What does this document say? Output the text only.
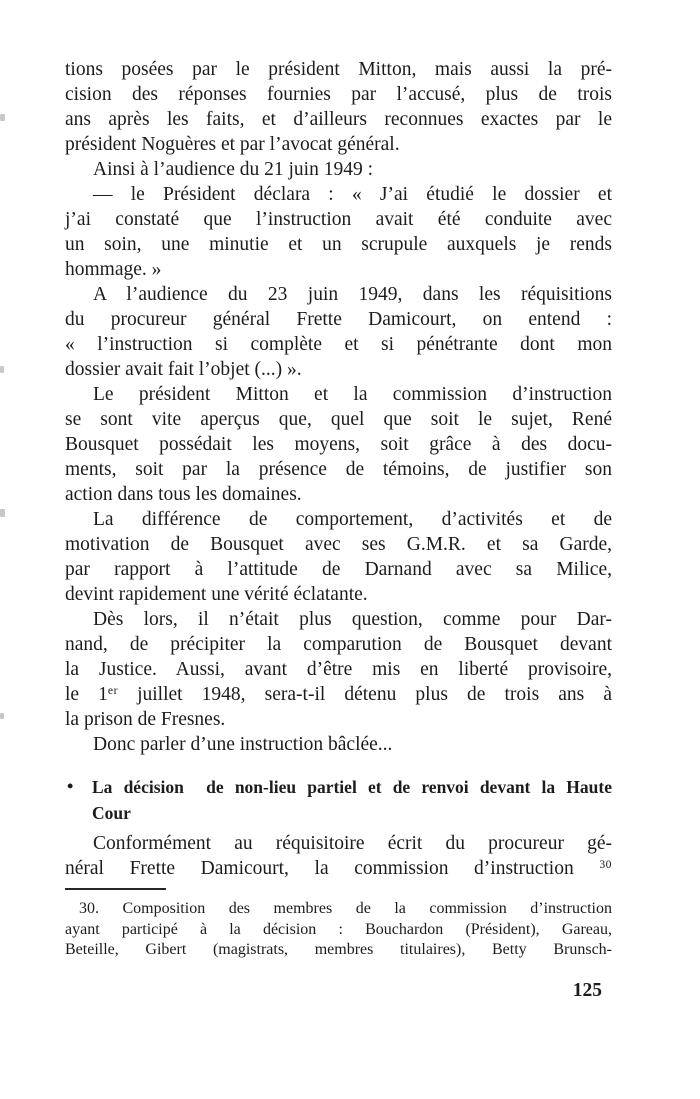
tions posées par le président Mitton, mais aussi la pré-
cision des réponses fournies par l’accusé, plus de trois
ans après les faits, et d’ailleurs reconnues exactes par le
président Noguères et par l’avocat général.
Ainsi à l’audience du 21 juin 1949 :
— le Président déclara : « J’ai étudié le dossier et
j’ai constaté que l’instruction avait été conduite avec
un soin, une minutie et un scrupule auxquels je rends
hommage. »
A l’audience du 23 juin 1949, dans les réquisitions
du procureur général Frette Damicourt, on entend :
« l’instruction si complète et si pénétrante dont mon
dossier avait fait l’objet (...) ».
Le président Mitton et la commission d’instruction
se sont vite aperçus que, quel que soit le sujet, René
Bousquet possédait les moyens, soit grâce à des docu-
ments, soit par la présence de témoins, de justifier son
action dans tous les domaines.
La différence de comportement, d’activités et de
motivation de Bousquet avec ses G.M.R. et sa Garde,
par rapport à l’attitude de Darnand avec sa Milice,
devint rapidement une vérité éclatante.
Dès lors, il n’était plus question, comme pour Dar-
nand, de précipiter la comparution de Bousquet devant
la Justice. Aussi, avant d’être mis en liberté provisoire,
le 1er juillet 1948, sera-t-il détenu plus de trois ans à
la prison de Fresnes.
Donc parler d’une instruction bâclée...
• La décision  de non-lieu partiel et de renvoi devant la Haute
Cour
Conformément au réquisitoire écrit du procureur gé-
néral Frette Damicourt, la commission d’instruction $^{30}$
30. Composition des membres de la commission d’instruction
ayant participé à la décision : Bouchardon (Président), Gareau,
Beteille, Gibert (magistrats, membres titulaires), Betty Brunsch-
125
